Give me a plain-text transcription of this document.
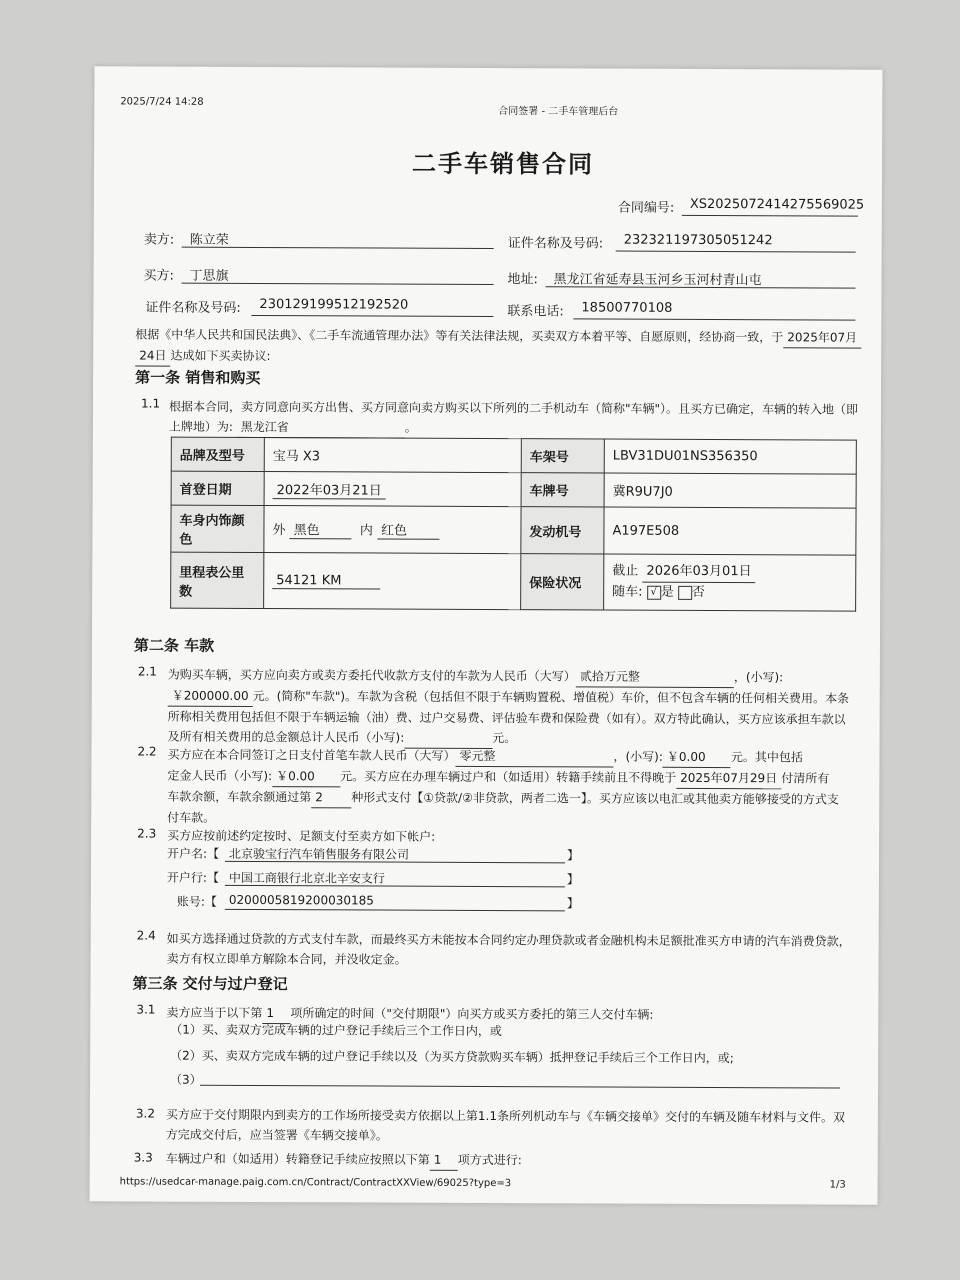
2025/7/24 14:28
合同签署 - 二手车管理后台
二手车销售合同
合同编号: XS2025072414275569025
卖方: 陈立荣	证件名称及号码: 232321197305051242
买方: 丁思旗	地址: 黑龙江省延寿县玉河乡玉河村青山屯
证件名称及号码: 230129199512192520	联系电话: 18500770108
根据《中华人民共和国民法典》、《二手车流通管理办法》等有关法律法规，买卖双方本着平等、自愿原则，经协商一致，于 2025年07月
24日 达成如下买卖协议:
第一条 销售和购买
1.1 根据本合同，卖方同意向买方出售、买方同意向卖方购买以下所列的二手机动车（简称"车辆"）。且买方已确定，车辆的转入地（即
上牌地）为: 黑龙江省	。
品牌及型号	宝马 X3	车架号	LBV31DU01NS356350
首登日期	2022年03月21日	车牌号	冀R9U7J0
车身内饰颜色	外 黑色 内 红色	发动机号	A197E508
里程表公里数	54121 KM	保险状况	截止 2026年03月01日
随车: √ 是 否
第二条 车款
2.1 为购买车辆，买方应向卖方或卖方委托代收款方支付的车款为人民币（大写） 贰拾万元整	，(小写):
￥200000.00 元。(简称"车款")。车款为含税（包括但不限于车辆购置税、增值税）车价，但不包含车辆的任何相关费用。本条
所称相关费用包括但不限于车辆运输（油）费、过户交易费、评估验车费和保险费（如有）。双方特此确认，买方应该承担车款以
及所有相关费用的总金额总计人民币（小写):	元。
2.2 买方应在本合同签订之日支付首笔车款人民币（大写） 零元整	，(小写): ￥0.00 元。其中包括
定金人民币（小写): ￥0.00 元。买方应在办理车辆过户和（如适用）转籍手续前且不得晚于 2025年07月29日 付清所有
车款余额，车款余额通过第 2 种形式支付【①贷款/②非贷款，两者二选一】。买方应该以电汇或其他卖方能够接受的方式支
付车款。
2.3 买方应按前述约定按时、足额支付至卖方如下帐户:
开户名:【 北京骏宝行汽车销售服务有限公司	】
开户行:【 中国工商银行北京北辛安支行	】
账号:【 0200005819200030185	】
2.4 如买方选择通过贷款的方式支付车款，而最终买方未能按本合同约定办理贷款或者金融机构未足额批准买方申请的汽车消费贷款，
卖方有权立即单方解除本合同，并没收定金。
第三条 交付与过户登记
3.1 卖方应当于以下第 1 项所确定的时间（"交付期限"）向买方或买方委托的第三人交付车辆:
（1）买、卖双方完成车辆的过户登记手续后三个工作日内，或
（2）买、卖双方完成车辆的过户登记手续以及（为买方贷款购买车辆）抵押登记手续后三个工作日内，或;
（3）
3.2 买方应于交付期限内到卖方的工作场所接受卖方依据以上第1.1条所列机动车与《车辆交接单》交付的车辆及随车材料与文件。双
方完成交付后，应当签署《车辆交接单》。
3.3 车辆过户和（如适用）转籍登记手续应按照以下第 1 项方式进行:
https://usedcar-manage.paig.com.cn/Contract/ContractXXView/69025?type=3	1/3
